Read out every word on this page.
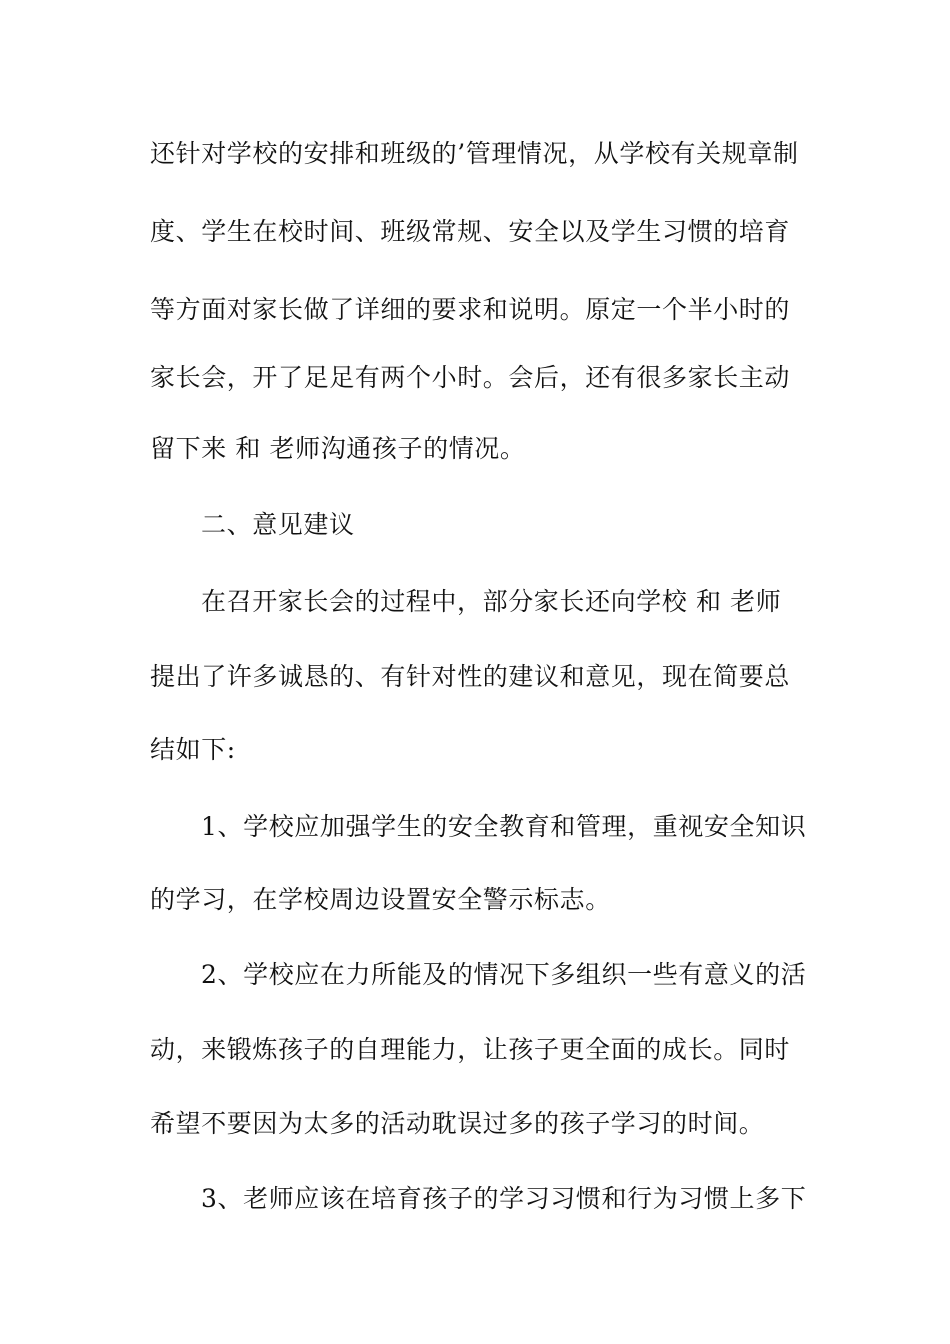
还针对学校的安排和班级的’管理情况，从学校有关规章制
度、学生在校时间、班级常规、安全以及学生习惯的培育
等方面对家长做了详细的要求和说明。原定一个半小时的
家长会，开了足足有两个小时。会后，还有很多家长主动
留下来 和 老师沟通孩子的情况。
二、意见建议
在召开家长会的过程中，部分家长还向学校 和 老师
提出了许多诚恳的、有针对性的建议和意见，现在简要总
结如下:
1、学校应加强学生的安全教育和管理，重视安全知识
的学习，在学校周边设置安全警示标志。
2、学校应在力所能及的情况下多组织一些有意义的活
动，来锻炼孩子的自理能力，让孩子更全面的成长。同时
希望不要因为太多的活动耽误过多的孩子学习的时间。
3、老师应该在培育孩子的学习习惯和行为习惯上多下
